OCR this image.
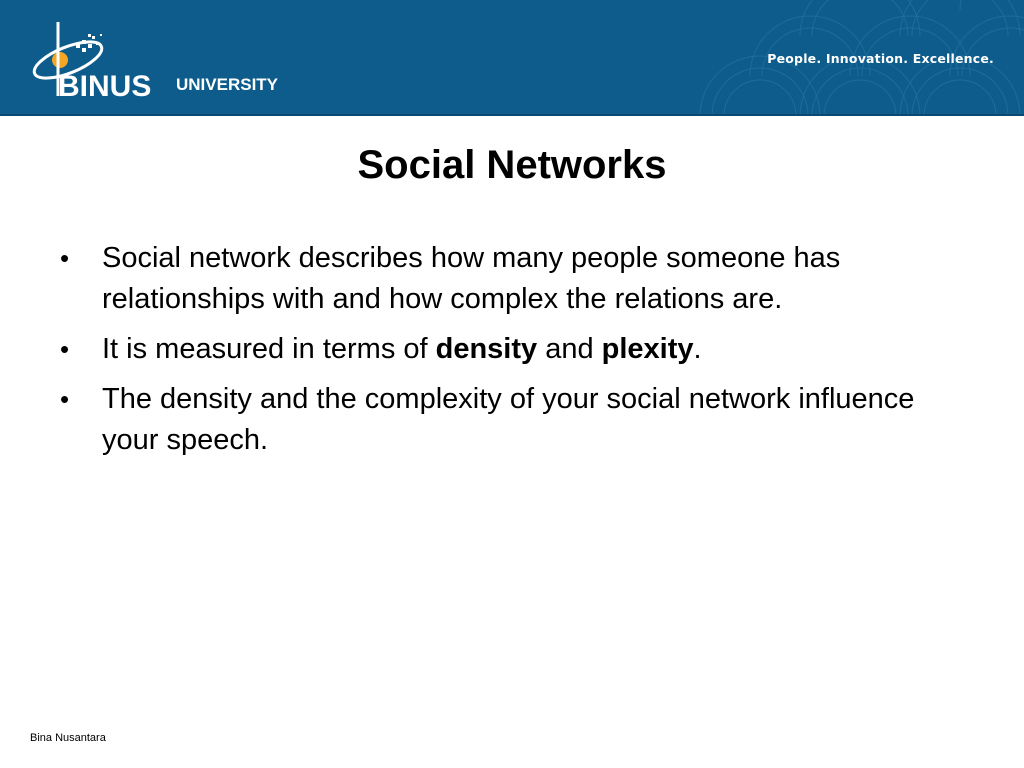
BINUS UNIVERSITY
People. Innovation. Excellence.
Social Networks
• Social network describes how many people someone has relationships with and how complex the relations are.
• It is measured in terms of density and plexity.
• The density and the complexity of your social network influence your speech.
Bina Nusantara
